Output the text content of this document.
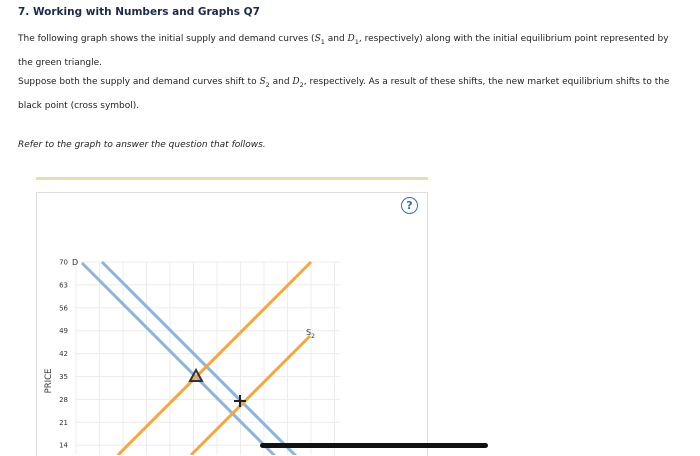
7. Working with Numbers and Graphs Q7
The following graph shows the initial supply and demand curves ($S_1$ and $D_1$, respectively) along with the initial equilibrium point represented by the green triangle.
Suppose both the supply and demand curves shift to $S_2$ and $D_2$, respectively. As a result of these shifts, the new market equilibrium shifts to the black point (cross symbol).
Refer to the graph to answer the question that follows.
?
70
63
56
49
42
35
28
21
14
PRICE
D
$S_2$
